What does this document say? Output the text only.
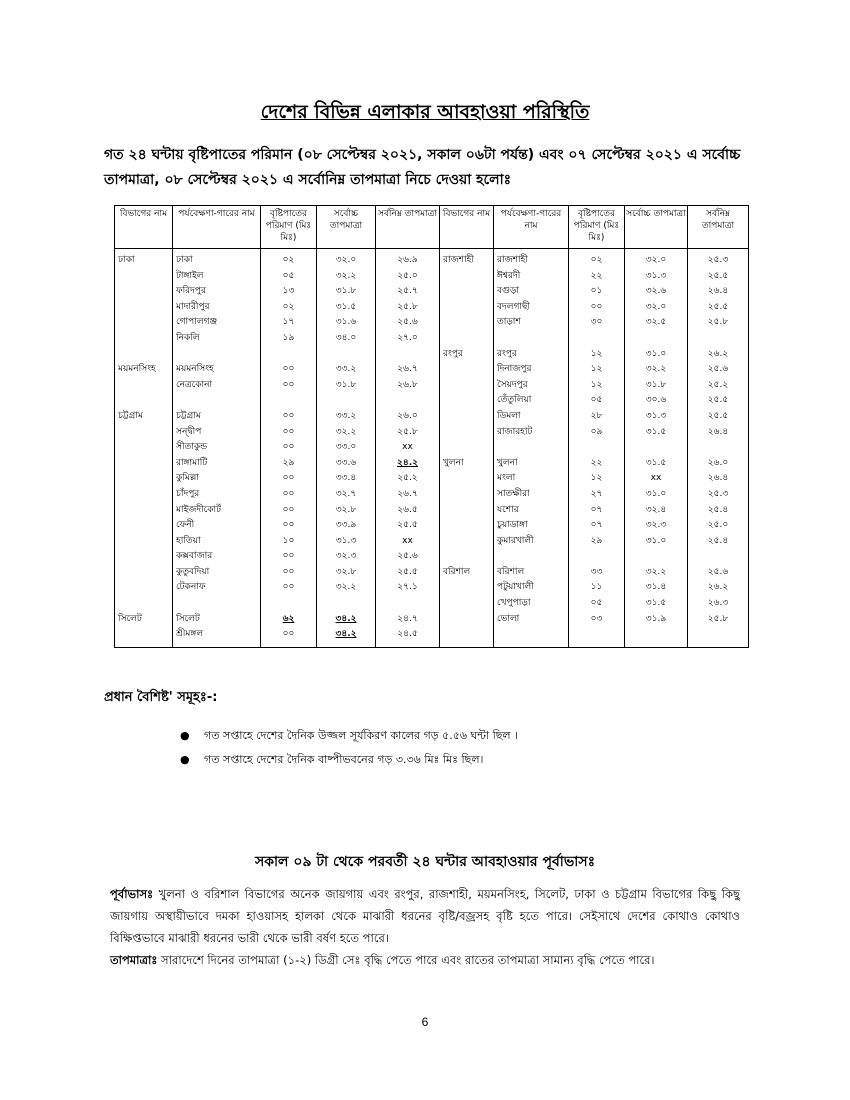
দেশের বিভিন্ন এলাকার আবহাওয়া পরিস্থিতি
গত ২৪ ঘন্টায় বৃষ্টিপাতের পরিমান (০৮ সেপ্টেম্বর ২০২১, সকাল ০৬টা পর্যন্ত) এবং ০৭ সেপ্টেম্বর ২০২১ এ সর্বোচ্চ তাপমাত্রা, ০৮ সেপ্টেম্বর ২০২১ এ সর্বোনিম্ন তাপমাত্রা নিচে দেওয়া হলোঃ
বিভাগের নাম	পর্যবেক্ষণা-গারের নাম	বৃষ্টিপাতের পরিমাণ (মিঃ মিঃ)	সর্বোচ্চ তাপমাত্রা	সর্বনিম্ন তাপমাত্রা	বিভাগের নাম	পর্যবেক্ষণা-গারের নাম	বৃষ্টিপাতের পরিমাণ (মিঃ মিঃ)	সর্বোচ্চ তাপমাত্রা	সর্বনিম্ন তাপমাত্রা
ঢাকা	ঢাকা	০২	৩২.০	২৬.৯	রাজশাহী	রাজশাহী	০২	৩২.০	২৫.৩
	টাঙ্গাইল	০৫	৩২.২	২৫.০		ঈশ্বরদী	২২	৩১.৩	২৫.৫
	ফরিদপুর	১৩	৩১.৮	২৫.৭		বগুড়া	০১	৩২.৬	২৬.৪
	মাদারীপুর	০২	৩১.৫	২৫.৮		বদলগাছী	০০	৩২.০	২৫.৫
	গোপালগঞ্জ	১৭	৩১.৬	২৫.৬		তাড়াশ	৩০	৩২.৫	২৫.৮
	নিকলি	১৯	৩৪.০	২৭.০					
					রংপুর	রংপুর	১২	৩১.০	২৬.২
ময়মনসিংহ	ময়মনসিংহ	০০	৩৩.২	২৬.৭		দিনাজপুর	১২	৩২.২	২৫.৬
	নেত্রকোনা	০০	৩১.৮	২৬.৮		সৈয়দপুর	১২	৩১.৮	২৫.২
						তেঁতুলিয়া	০৫	৩০.৬	২৫.৫
চট্টগ্রাম	চট্টগ্রাম	০০	৩৩.২	২৬.০		ডিমলা	২৮	৩১.৩	২৫.৫
	সন্দ্বীপ	০০	৩২.২	২৫.৮		রাজারহাট	০৯	৩১.৫	২৬.৪
	সীতাকুন্ড	০০	৩৩.০	xx					
	রাঙ্গামাটি	২৯	৩৩.৬	২৪.২	খুলনা	খুলনা	২২	৩১.৫	২৬.০
	কুমিল্লা	০০	৩৩.৪	২৫.২		মংলা	১২	xx	২৬.৪
	চাঁদপুর	০০	৩২.৭	২৬.৭		সাতক্ষীরা	২৭	৩১.০	২৫.৩
	মাইজদীকোর্ট	০০	৩২.৮	২৬.৫		যশোর	০৭	৩২.৪	২৫.৪
	ফেনী	০০	৩৩.৯	২৫.৫		চুয়াডাঙ্গা	০৭	৩২.৩	২৫.০
	হাতিয়া	১০	৩১.৩	xx		কুমারখালী	২৯	৩১.০	২৫.৪
	কক্সবাজার	০০	৩২.৩	২৫.৬					
	কুতুবদিয়া	০০	৩২.৮	২৫.৫	বরিশাল	বরিশাল	৩৩	৩২.২	২৫.৬
	টেকনাফ	০০	৩২.২	২৭.১		পটুয়াখালী	১১	৩১.৪	২৬.২
						খেপুপাড়া	০৫	৩১.৫	২৬.৩
সিলেট	সিলেট	৬২	৩৪.২	২৪.৭		ভোলা	০৩	৩১.৯	২৫.৮
	শ্রীমঙ্গল	০০	৩৪.২	২৪.৫					
প্রধান বৈশিষ্ট' সমূহঃ-:
● গত সপ্তাহে দেশের দৈনিক উজ্জল সূর্যকিরণ কালের গড় ৫.৫৬ ঘন্টা ছিল ।
● গত সপ্তাহে দেশের দৈনিক বাষ্পীভবনের গড় ৩.৩৬ মিঃ মিঃ ছিল।
সকাল ০৯ টা থেকে পরবর্তী ২৪ ঘন্টার আবহাওয়ার পূর্বাভাসঃ
পূর্বাভাসঃ খুলনা ও বরিশাল বিভাগের অনেক জায়গায় এবং রংপুর, রাজশাহী, ময়মনসিংহ, সিলেট, ঢাকা ও চট্টগ্রাম বিভাগের কিছু কিছু জায়গায় অস্থায়ীভাবে দমকা হাওয়াসহ হালকা থেকে মাঝারী ধরনের বৃষ্টি/বজ্রসহ বৃষ্টি হতে পারে। সেইসাথে দেশের কোথাও কোথাও বিক্ষিপ্তভাবে মাঝারী ধরনের ভারী থেকে ভারী বর্ষণ হতে পারে।
তাপমাত্রাঃ সারাদেশে দিনের তাপমাত্রা (১-২) ডিগ্রী সেঃ বৃদ্ধি পেতে পারে এবং রাতের তাপমাত্রা সামান্য বৃদ্ধি পেতে পারে।
6
